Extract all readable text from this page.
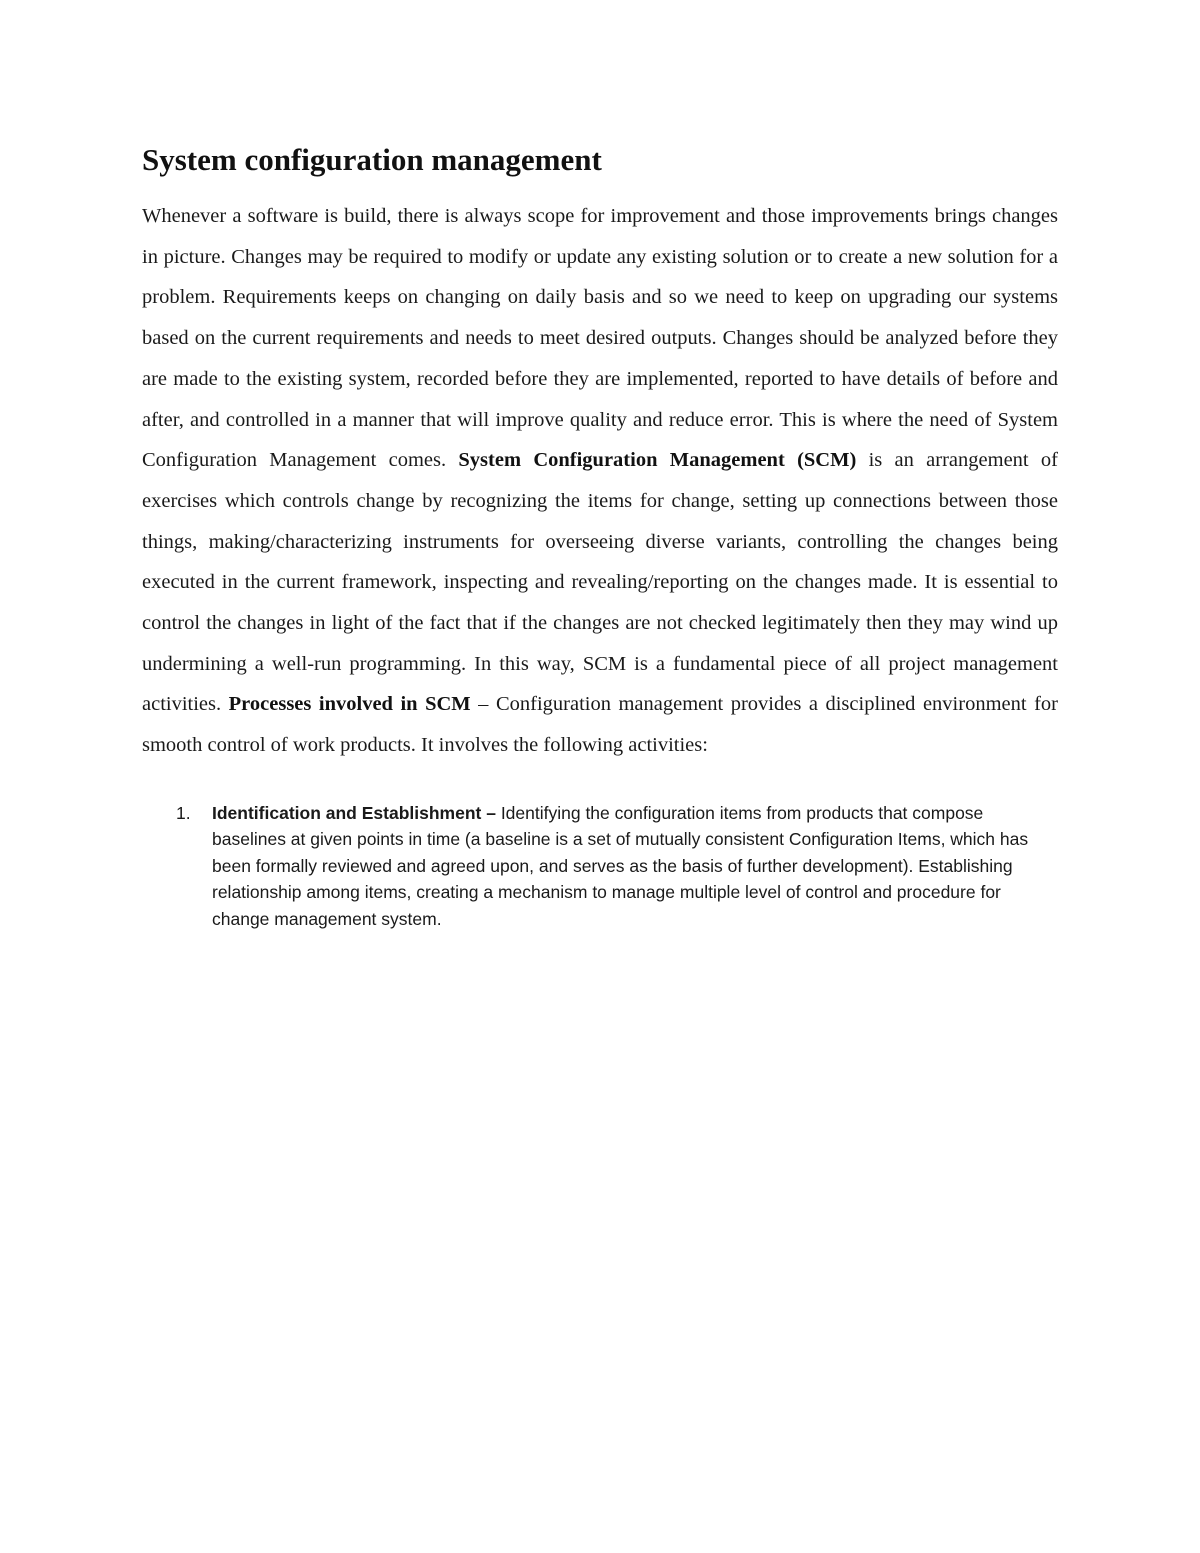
System configuration management

Whenever a software is build, there is always scope for improvement and those improvements brings changes in picture. Changes may be required to modify or update any existing solution or to create a new solution for a problem. Requirements keeps on changing on daily basis and so we need to keep on upgrading our systems based on the current requirements and needs to meet desired outputs. Changes should be analyzed before they are made to the existing system, recorded before they are implemented, reported to have details of before and after, and controlled in a manner that will improve quality and reduce error. This is where the need of System Configuration Management comes. System Configuration Management (SCM) is an arrangement of exercises which controls change by recognizing the items for change, setting up connections between those things, making/characterizing instruments for overseeing diverse variants, controlling the changes being executed in the current framework, inspecting and revealing/reporting on the changes made. It is essential to control the changes in light of the fact that if the changes are not checked legitimately then they may wind up undermining a well-run programming. In this way, SCM is a fundamental piece of all project management activities. Processes involved in SCM – Configuration management provides a disciplined environment for smooth control of work products. It involves the following activities:

1. Identification and Establishment – Identifying the configuration items from products that compose baselines at given points in time (a baseline is a set of mutually consistent Configuration Items, which has been formally reviewed and agreed upon, and serves as the basis of further development). Establishing relationship among items, creating a mechanism to manage multiple level of control and procedure for change management system.
